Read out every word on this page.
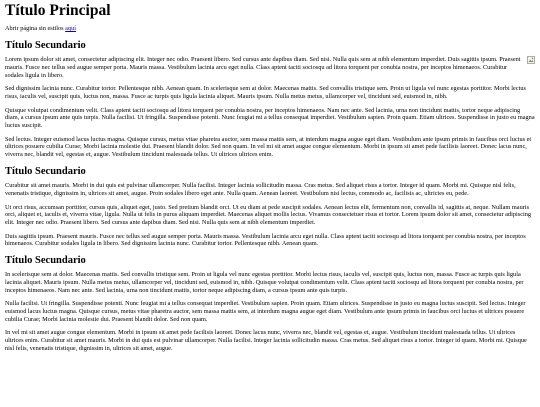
Título Principal

Abrir página sin estilos aquí

Título Secundario

Lorem ipsum dolor sit amet, consectetur adipiscing elit. Integer nec odio. Praesent libero. Sed cursus ante dapibus diam. Sed nisi. Nulla quis sem at nibh elementum imperdiet. Duis sagittis ipsum. Praesent mauris. Fusce nec tellus sed augue semper porta. Mauris massa. Vestibulum lacinia arcu eget nulla. Class aptent taciti sociosqu ad litora torquent per conubia nostra, per inceptos himenaeos. Curabitur sodales ligula in libero.

Sed dignissim lacinia nunc. Curabitur tortor. Pellentesque nibh. Aenean quam. In scelerisque sem at dolor. Maecenas mattis. Sed convallis tristique sem. Proin ut ligula vel nunc egestas porttitor. Morbi lectus risus, iaculis vel, suscipit quis, luctus non, massa. Fusce ac turpis quis ligula lacinia aliquet. Mauris ipsum. Nulla metus metus, ullamcorper vel, tincidunt sed, euismod in, nibh.

Quisque volutpat condimentum velit. Class aptent taciti sociosqu ad litora torquent per conubia nostra, per inceptos himenaeos. Nam nec ante. Sed lacinia, urna non tincidunt mattis, tortor neque adipiscing diam, a cursus ipsum ante quis turpis. Nulla facilisi. Ut fringilla. Suspendisse potenti. Nunc feugiat mi a tellus consequat imperdiet. Vestibulum sapien. Proin quam. Etiam ultrices. Suspendisse in justo eu magna luctus suscipit.

Sed lectus. Integer euismod lacus luctus magna. Quisque cursus, metus vitae pharetra auctor, sem massa mattis sem, at interdum magna augue eget diam. Vestibulum ante ipsum primis in faucibus orci luctus et ultrices posuere cubilia Curae; Morbi lacinia molestie dui. Praesent blandit dolor. Sed non quam. In vel mi sit amet augue congue elementum. Morbi in ipsum sit amet pede facilisis laoreet. Donec lacus nunc, viverra nec, blandit vel, egestas et, augue. Vestibulum tincidunt malesuada tellus. Ut ultrices ultrices enim.

Título Secundario

Curabitur sit amet mauris. Morbi in dui quis est pulvinar ullamcorper. Nulla facilisi. Integer lacinia sollicitudin massa. Cras metus. Sed aliquet risus a tortor. Integer id quam. Morbi mi. Quisque nisl felis, venenatis tristique, dignissim in, ultrices sit amet, augue. Proin sodales libero eget ante. Nulla quam. Aenean laoreet. Vestibulum nisi lectus, commodo ac, facilisis ac, ultricies eu, pede.

Ut orci risus, accumsan porttitor, cursus quis, aliquet eget, justo. Sed pretium blandit orci. Ut eu diam at pede suscipit sodales. Aenean lectus elit, fermentum non, convallis id, sagittis at, neque. Nullam mauris orci, aliquet et, iaculis et, viverra vitae, ligula. Nulla ut felis in purus aliquam imperdiet. Maecenas aliquet mollis lectus. Vivamus consectetuer risus et tortor. Lorem ipsum dolor sit amet, consectetur adipiscing elit. Integer nec odio. Praesent libero. Sed cursus ante dapibus diam. Sed nisi. Nulla quis sem at nibh elementum imperdiet.

Duis sagittis ipsum. Praesent mauris. Fusce nec tellus sed augue semper porta. Mauris massa. Vestibulum lacinia arcu eget nulla. Class aptent taciti sociosqu ad litora torquent per conubia nostra, per inceptos himenaeos. Curabitur sodales ligula in libero. Sed dignissim lacinia nunc. Curabitur tortor. Pellentesque nibh. Aenean quam.

Título Secundario

In scelerisque sem at dolor. Maecenas mattis. Sed convallis tristique sem. Proin ut ligula vel nunc egestas porttitor. Morbi lectus risus, iaculis vel, suscipit quis, luctus non, massa. Fusce ac turpis quis ligula lacinia aliquet. Mauris ipsum. Nulla metus metus, ullamcorper vel, tincidunt sed, euismod in, nibh. Quisque volutpat condimentum velit. Class aptent taciti sociosqu ad litora torquent per conubia nostra, per inceptos himenaeos. Nam nec ante. Sed lacinia, urna non tincidunt mattis, tortor neque adipiscing diam, a cursus ipsum ante quis turpis.

Nulla facilisi. Ut fringilla. Suspendisse potenti. Nunc feugiat mi a tellus consequat imperdiet. Vestibulum sapien. Proin quam. Etiam ultrices. Suspendisse in justo eu magna luctus suscipit. Sed lectus. Integer euismod lacus luctus magna. Quisque cursus, metus vitae pharetra auctor, sem massa mattis sem, at interdum magna augue eget diam. Vestibulum ante ipsum primis in faucibus orci luctus et ultrices posuere cubilia Curae; Morbi lacinia molestie dui. Praesent blandit dolor. Sed non quam.

In vel mi sit amet augue congue elementum. Morbi in ipsum sit amet pede facilisis laoreet. Donec lacus nunc, viverra nec, blandit vel, egestas et, augue. Vestibulum tincidunt malesuada tellus. Ut ultrices ultrices enim. Curabitur sit amet mauris. Morbi in dui quis est pulvinar ullamcorper. Nulla facilisi. Integer lacinia sollicitudin massa. Cras metus. Sed aliquet risus a tortor. Integer id quam. Morbi mi. Quisque nisl felis, venenatis tristique, dignissim in, ultrices sit amet, augue.
